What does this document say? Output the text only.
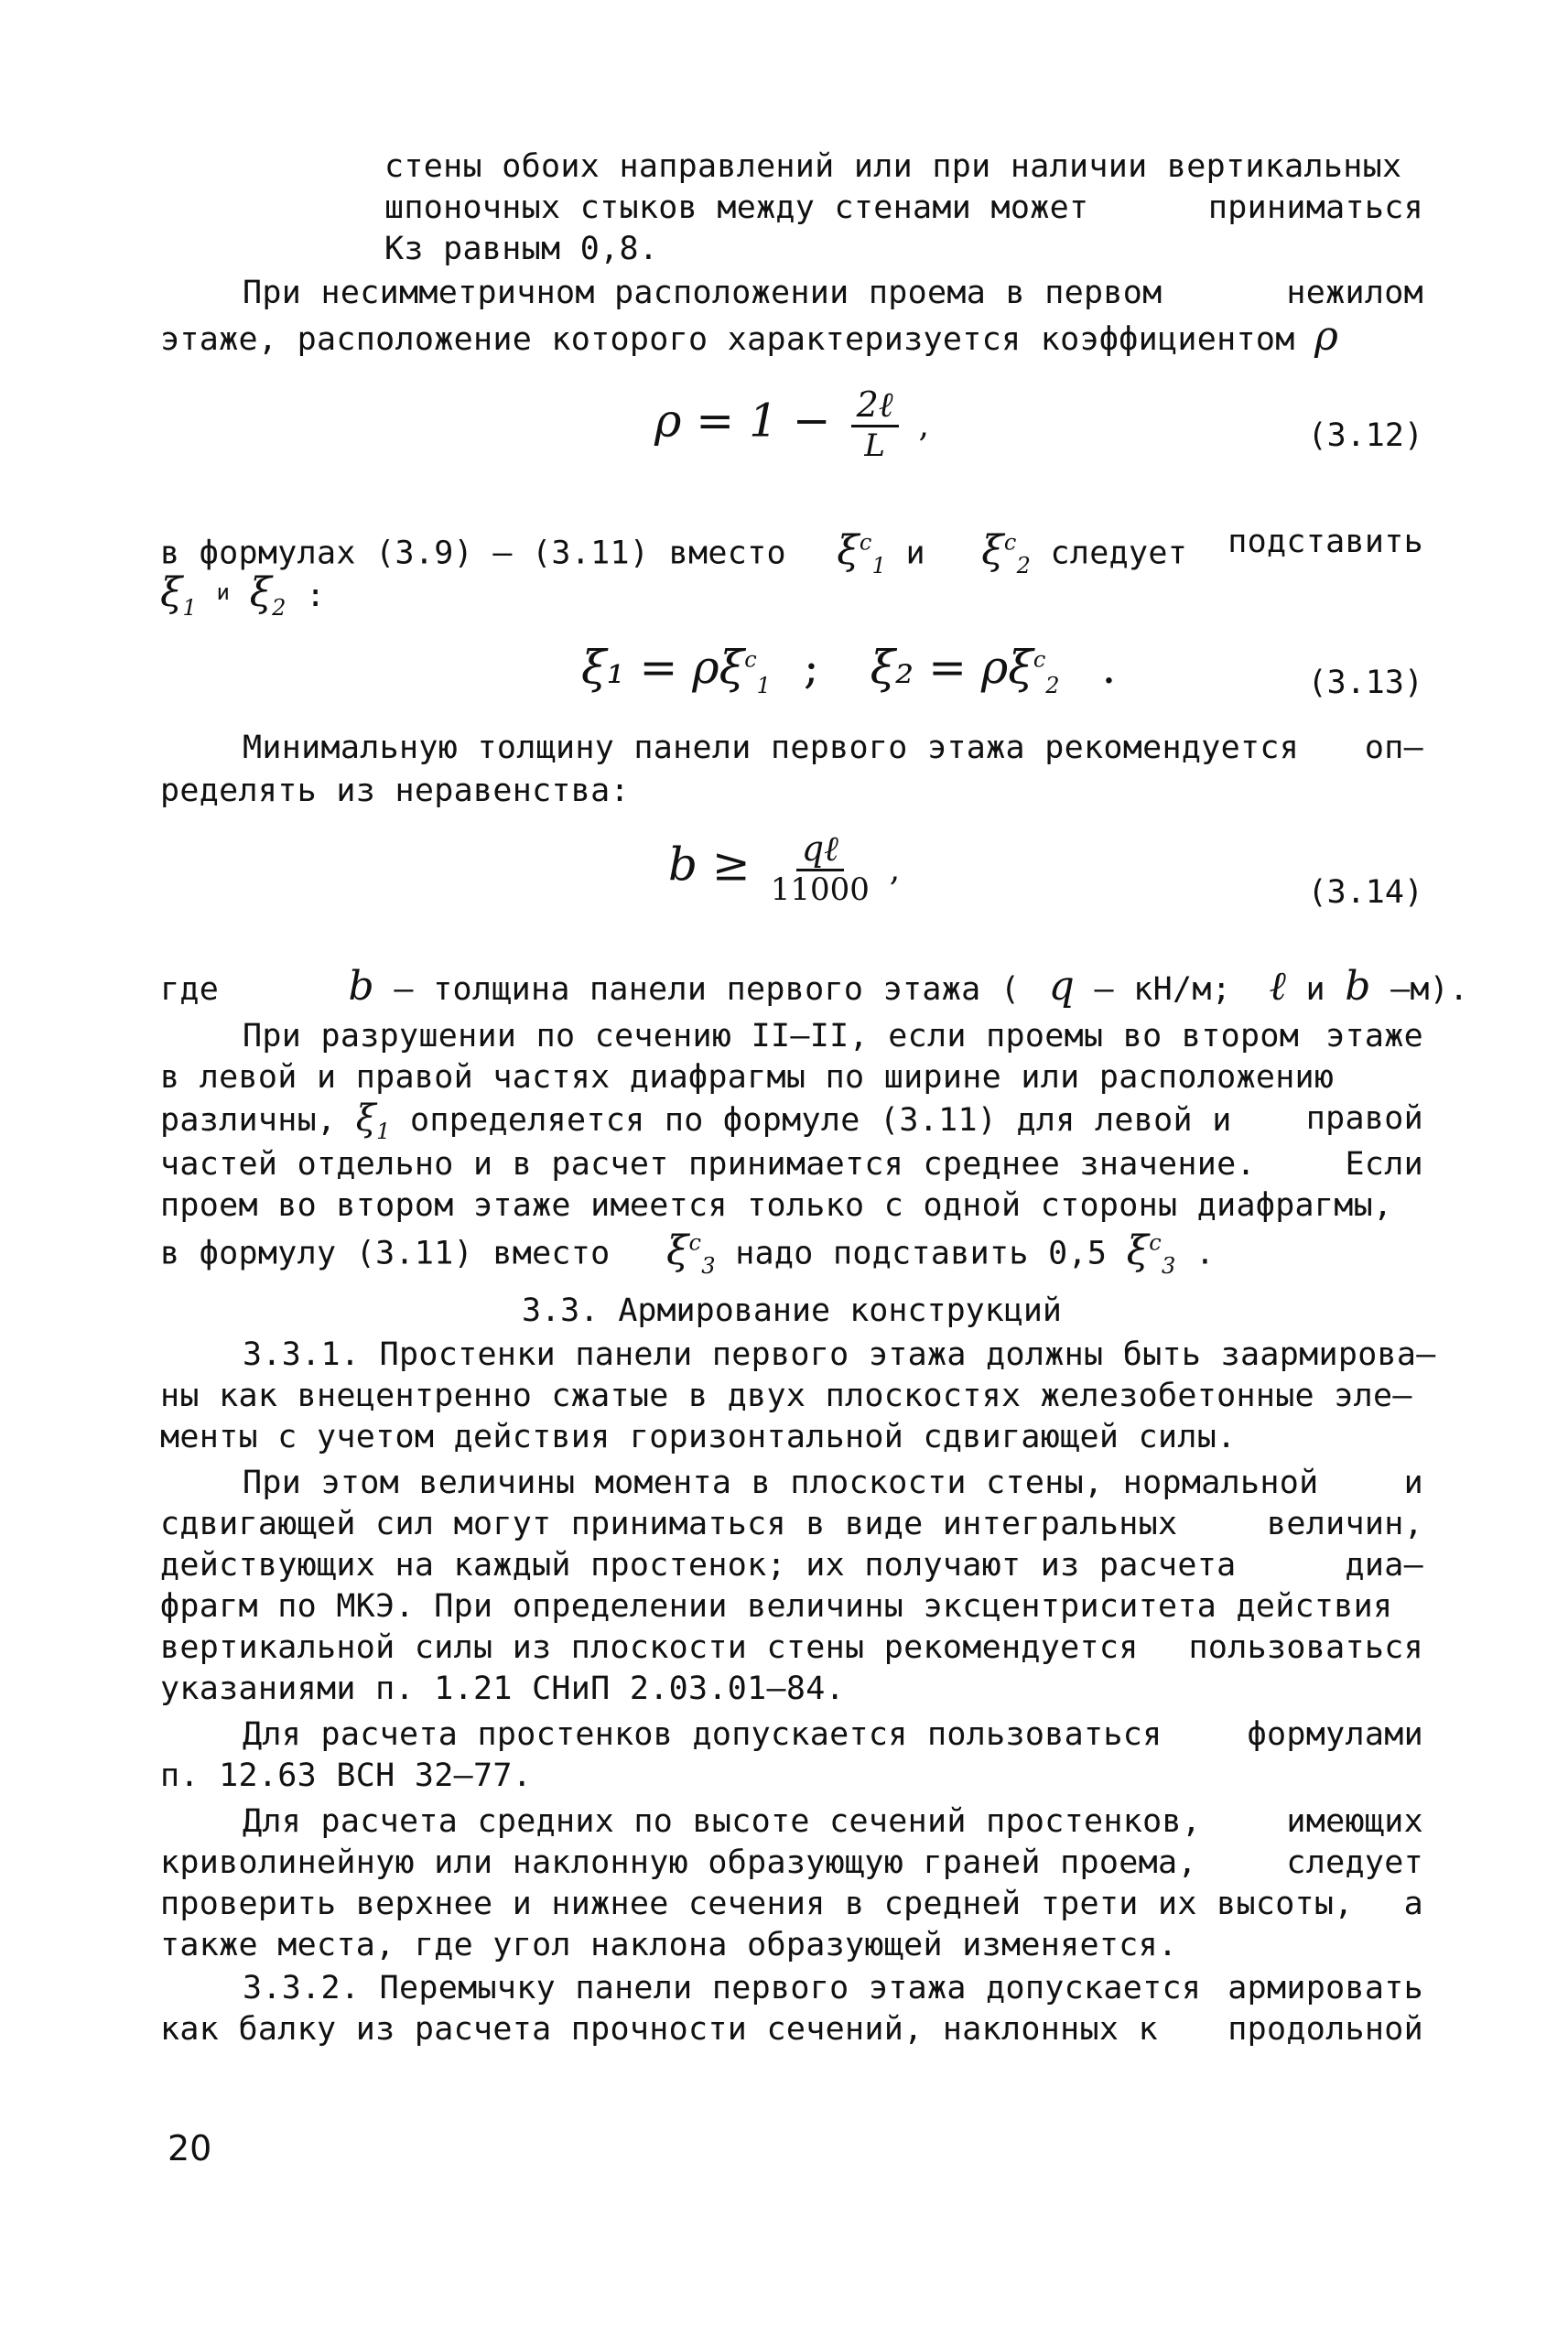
стены обоих направлений или при наличии вертикальных
шпоночных стыков между стенами может	приниматься
Кз равным 0,8.
При несимметричном расположении проема в первом	нежилом
этаже, расположение которого характеризуется коэффициентом ρ
$\rho = 1 - \frac{\text{2ℓ}}{L}$ ,	(3.12)
в формулах (3.9) – (3.11) вместо $\xi^c_1$ и $\xi^c_2$ следует подставить
$\xi_1$ $^и$ $\xi_2$ :
$\xi_1 = \rho\xi^c_1$ ; $\xi_2 = \rho\xi^c_2$ .	(3.13)
Минимальную толщину панели первого этажа рекомендуется оп–
ределять из неравенства:
$b \ge \frac{\text{qℓ}}{11000}$ ,
(3.14)
где	b – толщина панели первого этажа ( q – кН/м; ℓ и b –м).
При разрушении по сечению II–II, если проемы во втором этаже
в левой и правой частях диафрагмы по ширине или расположению
различны, $\xi_1$ определяется по формуле (3.11) для левой и правой
частей отдельно и в расчет принимается среднее значение.	Если
проем во втором этаже имеется только с одной стороны диафрагмы,
в формулу (3.11) вместо $\xi^c_3$ надо подставить 0,5 $\xi^c_3$ .
3.3. Армирование конструкций
3.3.1. Простенки панели первого этажа должны быть заармирова–
ны как внецентренно сжатые в двух плоскостях железобетонные эле–
менты с учетом действия горизонтальной сдвигающей силы.
При этом величины момента в плоскости стены, нормальной	и
сдвигающей сил могут приниматься в виде интегральных	величин,
действующих на каждый простенок; их получают из расчета	диа–
фрагм по МКЭ. При определении величины эксцентриситета действия
вертикальной силы из плоскости стены рекомендуется пользоваться
указаниями п. 1.21 СНиП 2.03.01–84.
Для расчета простенков допускается пользоваться	формулами
п. 12.63 ВСН 32–77.
Для расчета средних по высоте сечений простенков,	имеющих
криволинейную или наклонную образующую граней проема,	следует
проверить верхнее и нижнее сечения в средней трети их высоты, а
также места, где угол наклона образующей изменяется.
3.3.2. Перемычку панели первого этажа допускается армировать
как балку из расчета прочности сечений, наклонных к продольной
20
